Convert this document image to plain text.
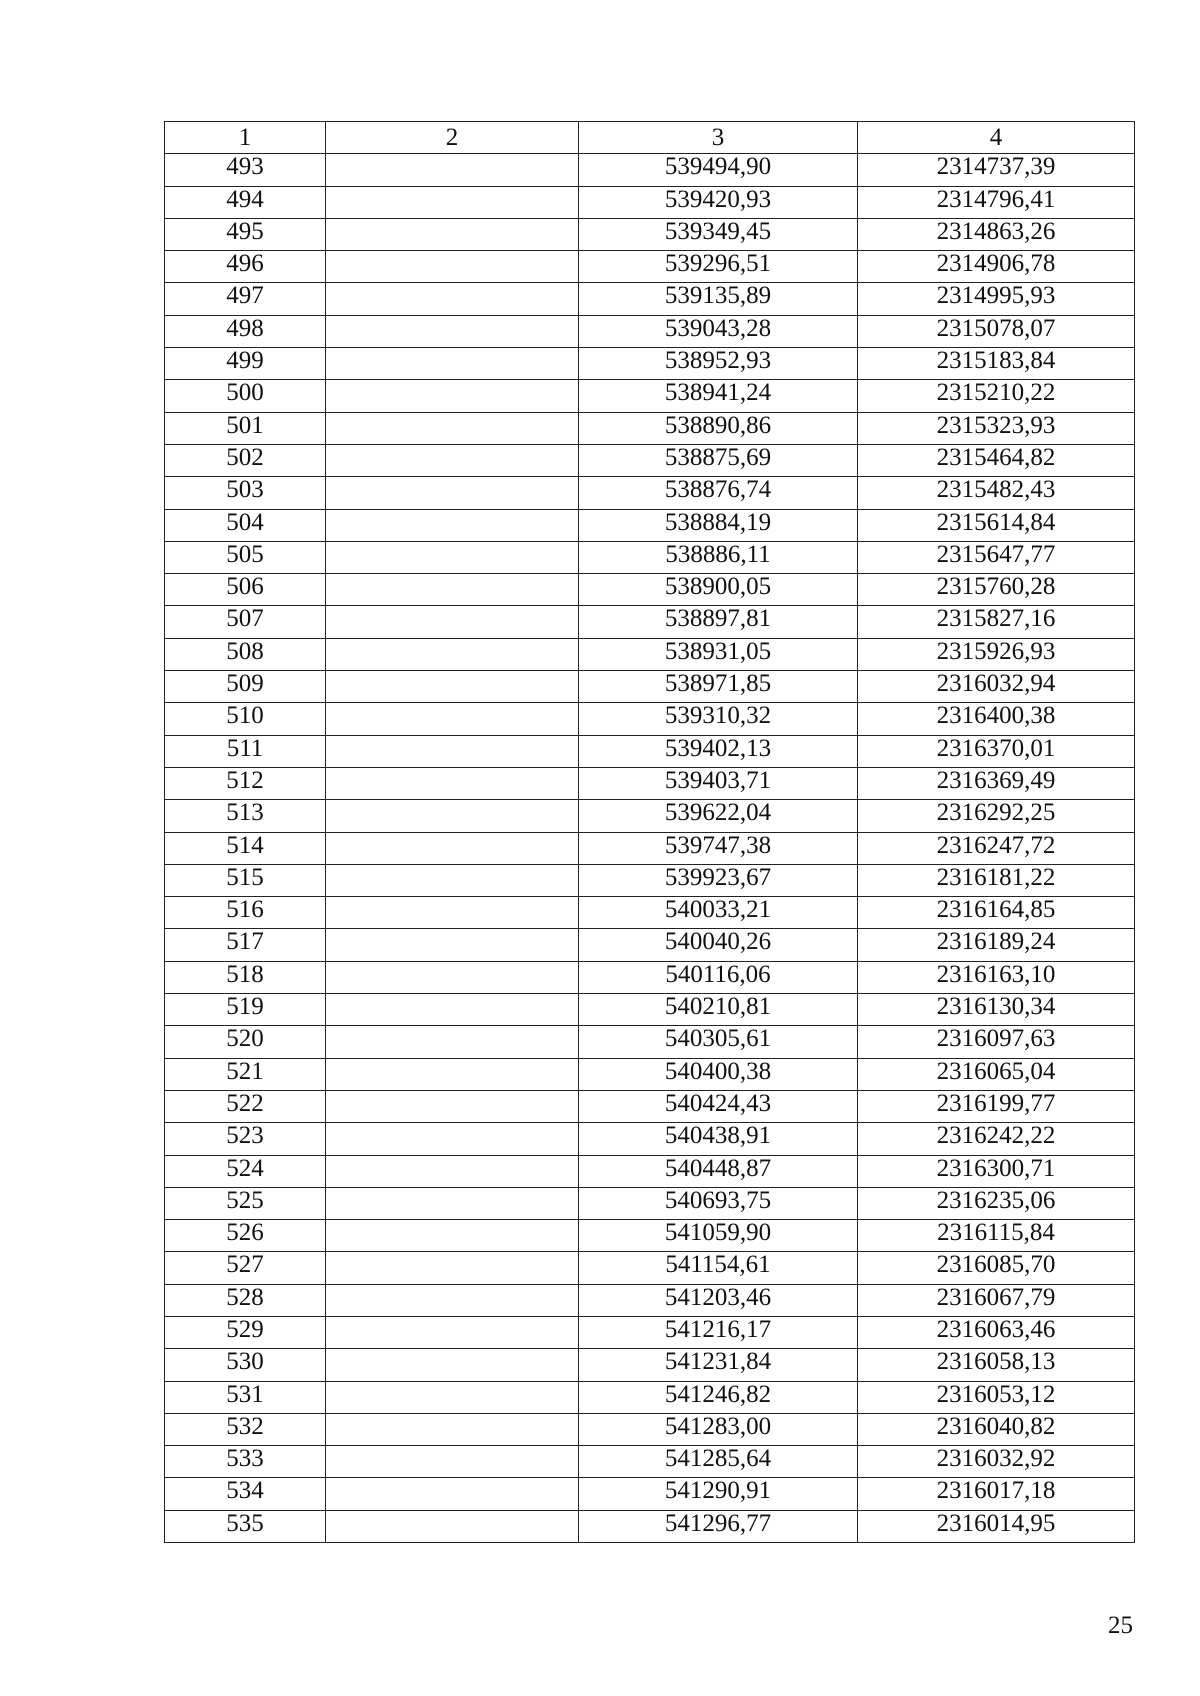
1	2	3	4
493		539494,90	2314737,39
494		539420,93	2314796,41
495		539349,45	2314863,26
496		539296,51	2314906,78
497		539135,89	2314995,93
498		539043,28	2315078,07
499		538952,93	2315183,84
500		538941,24	2315210,22
501		538890,86	2315323,93
502		538875,69	2315464,82
503		538876,74	2315482,43
504		538884,19	2315614,84
505		538886,11	2315647,77
506		538900,05	2315760,28
507		538897,81	2315827,16
508		538931,05	2315926,93
509		538971,85	2316032,94
510		539310,32	2316400,38
511		539402,13	2316370,01
512		539403,71	2316369,49
513		539622,04	2316292,25
514		539747,38	2316247,72
515		539923,67	2316181,22
516		540033,21	2316164,85
517		540040,26	2316189,24
518		540116,06	2316163,10
519		540210,81	2316130,34
520		540305,61	2316097,63
521		540400,38	2316065,04
522		540424,43	2316199,77
523		540438,91	2316242,22
524		540448,87	2316300,71
525		540693,75	2316235,06
526		541059,90	2316115,84
527		541154,61	2316085,70
528		541203,46	2316067,79
529		541216,17	2316063,46
530		541231,84	2316058,13
531		541246,82	2316053,12
532		541283,00	2316040,82
533		541285,64	2316032,92
534		541290,91	2316017,18
535		541296,77	2316014,95
25
